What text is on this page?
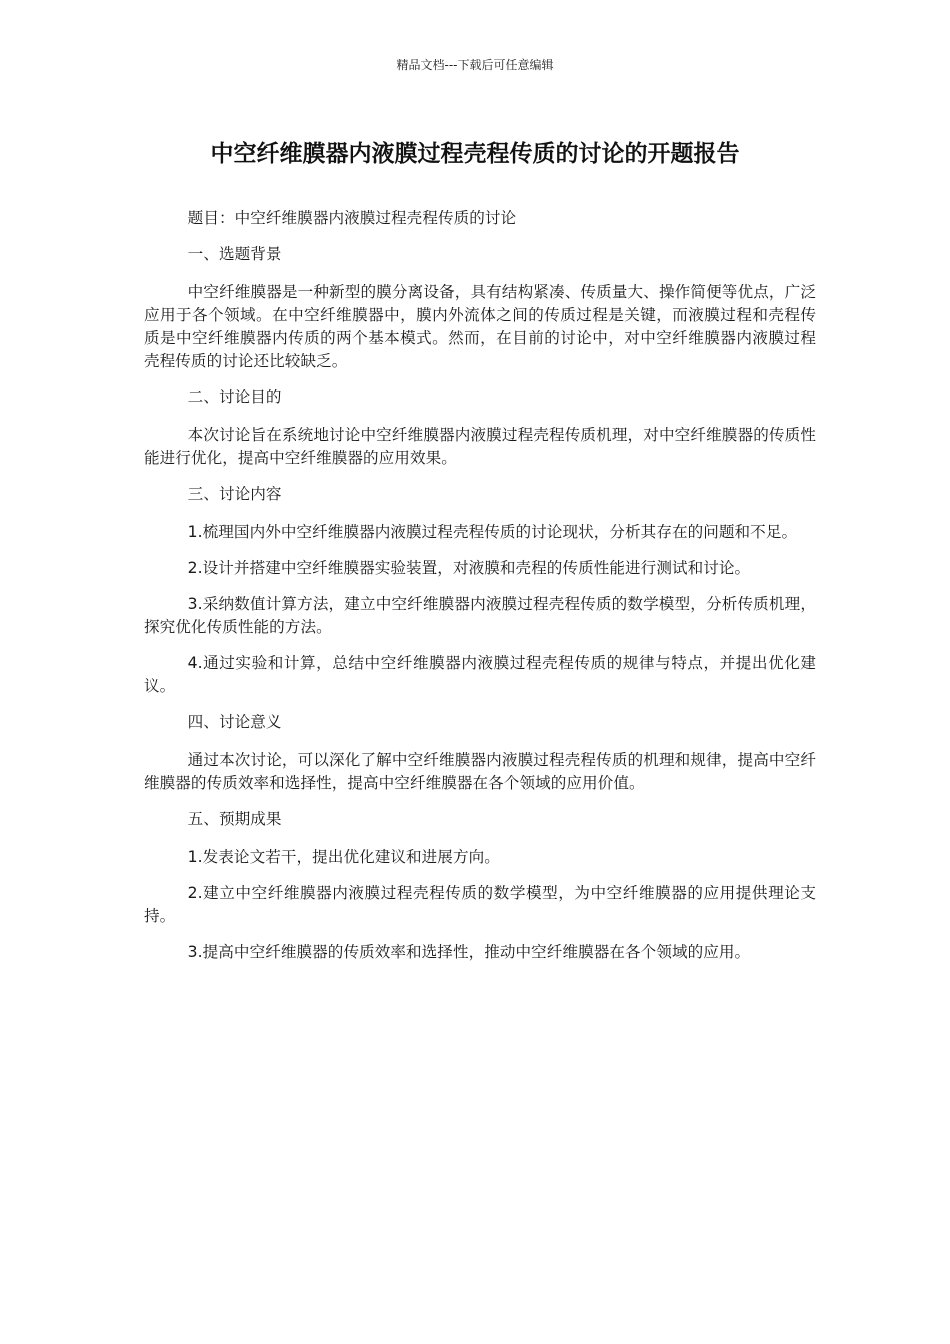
精品文档---下载后可任意编辑
中空纤维膜器内液膜过程壳程传质的讨论的开题报告

题目：中空纤维膜器内液膜过程壳程传质的讨论

一、选题背景

中空纤维膜器是一种新型的膜分离设备，具有结构紧凑、传质量大、操作简便等优点，广泛应用于各个领域。在中空纤维膜器中，膜内外流体之间的传质过程是关键，而液膜过程和壳程传质是中空纤维膜器内传质的两个基本模式。然而，在目前的讨论中，对中空纤维膜器内液膜过程壳程传质的讨论还比较缺乏。

二、讨论目的

本次讨论旨在系统地讨论中空纤维膜器内液膜过程壳程传质机理，对中空纤维膜器的传质性能进行优化，提高中空纤维膜器的应用效果。

三、讨论内容

1.梳理国内外中空纤维膜器内液膜过程壳程传质的讨论现状，分析其存在的问题和不足。

2.设计并搭建中空纤维膜器实验装置，对液膜和壳程的传质性能进行测试和讨论。

3.采纳数值计算方法，建立中空纤维膜器内液膜过程壳程传质的数学模型，分析传质机理，探究优化传质性能的方法。

4.通过实验和计算，总结中空纤维膜器内液膜过程壳程传质的规律与特点，并提出优化建议。

四、讨论意义

通过本次讨论，可以深化了解中空纤维膜器内液膜过程壳程传质的机理和规律，提高中空纤维膜器的传质效率和选择性，提高中空纤维膜器在各个领域的应用价值。

五、预期成果

1.发表论文若干，提出优化建议和进展方向。

2.建立中空纤维膜器内液膜过程壳程传质的数学模型，为中空纤维膜器的应用提供理论支持。

3.提高中空纤维膜器的传质效率和选择性，推动中空纤维膜器在各个领域的应用。
